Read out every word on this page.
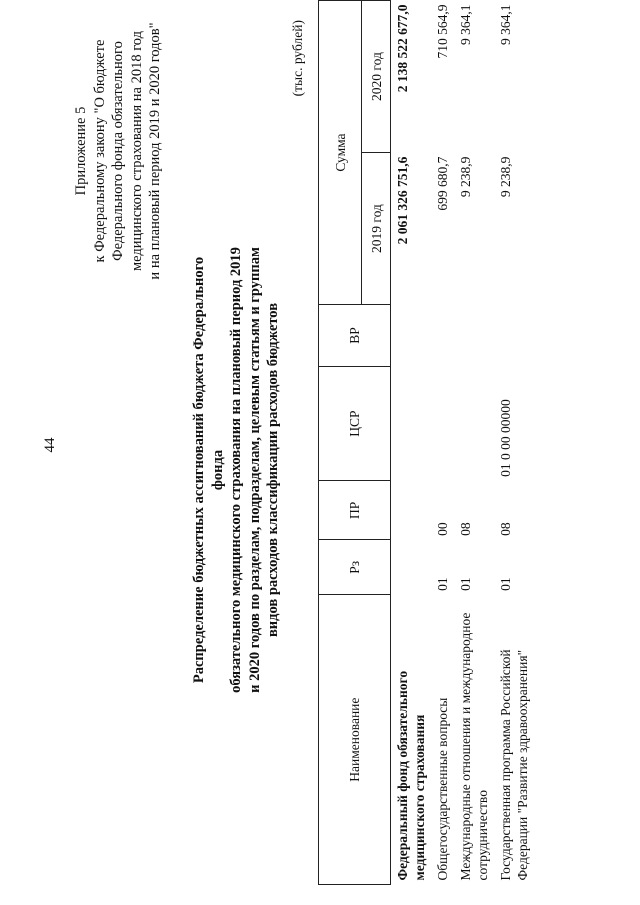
44
Приложение 5 к Федеральному закону "О бюджете Федерального фонда обязательного медицинского страхования на 2018 год и на плановый период 2019 и 2020 годов"
Распределение бюджетных ассигнований бюджета Федерального фонда обязательного медицинского страхования на плановый период 2019 и 2020 годов по разделам, подразделам, целевым статьям и группам видов расходов классификации расходов бюджетов
(тыс. рублей)
Наименование	Рз	ПР	ЦСР	ВР	Сумма	
					2019 год	2020 год
Федеральный фонд обязательного медицинского страхования					2 061 326 751,6	2 138 522 677,0
Общегосударственные вопросы	01	00			699 680,7	710 564,9
Международные отношения и международное сотрудничество	01	08			9 238,9	9 364,1
Государственная программа Российской Федерации "Развитие здравоохранения"	01	08	01 0 00 00000		9 238,9	9 364,1
